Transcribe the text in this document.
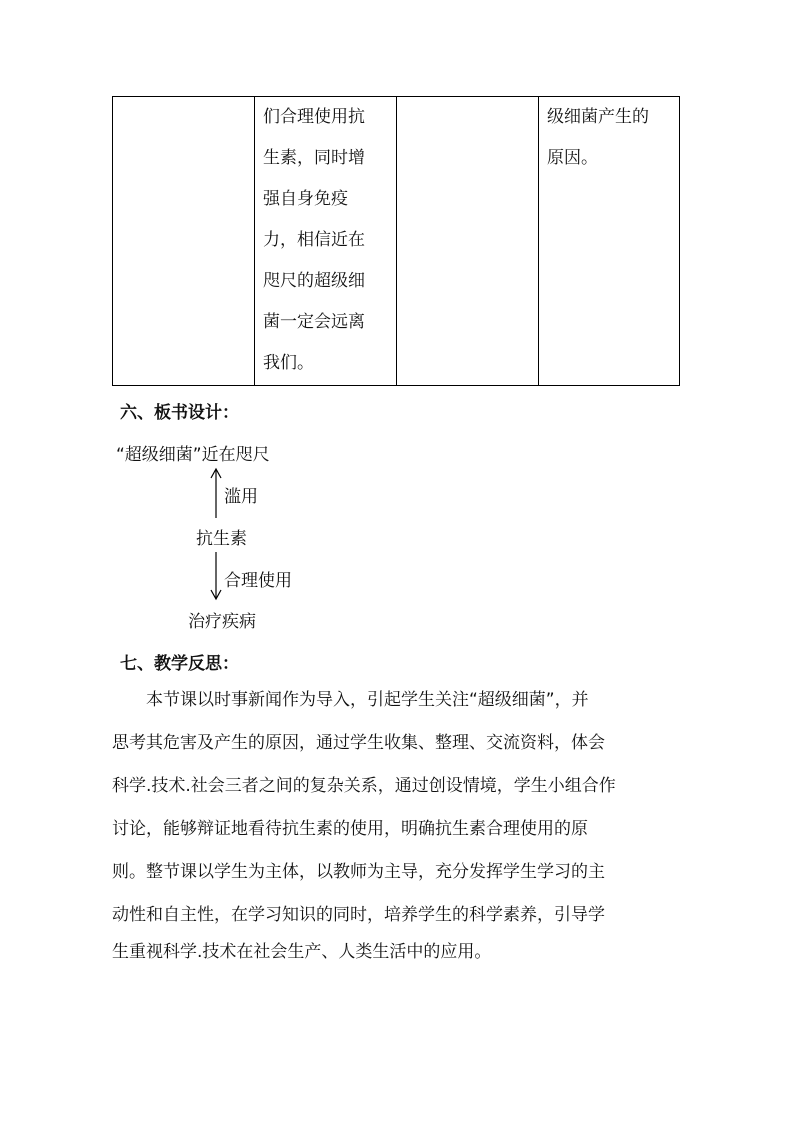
们合理使用抗
生素，同时增
强自身免疫
力，相信近在
咫尺的超级细
菌一定会远离
我们。
级细菌产生的
原因。
六、板书设计：
“超级细菌”近在咫尺
滥用
抗生素
合理使用
治疗疾病
七、教学反思：
本节课以时事新闻作为导入，引起学生关注“超级细菌”，并
思考其危害及产生的原因，通过学生收集、整理、交流资料，体会
科学.技术.社会三者之间的复杂关系，通过创设情境，学生小组合作
讨论，能够辩证地看待抗生素的使用，明确抗生素合理使用的原
则。整节课以学生为主体，以教师为主导，充分发挥学生学习的主
动性和自主性，在学习知识的同时，培养学生的科学素养，引导学
生重视科学.技术在社会生产、人类生活中的应用。
